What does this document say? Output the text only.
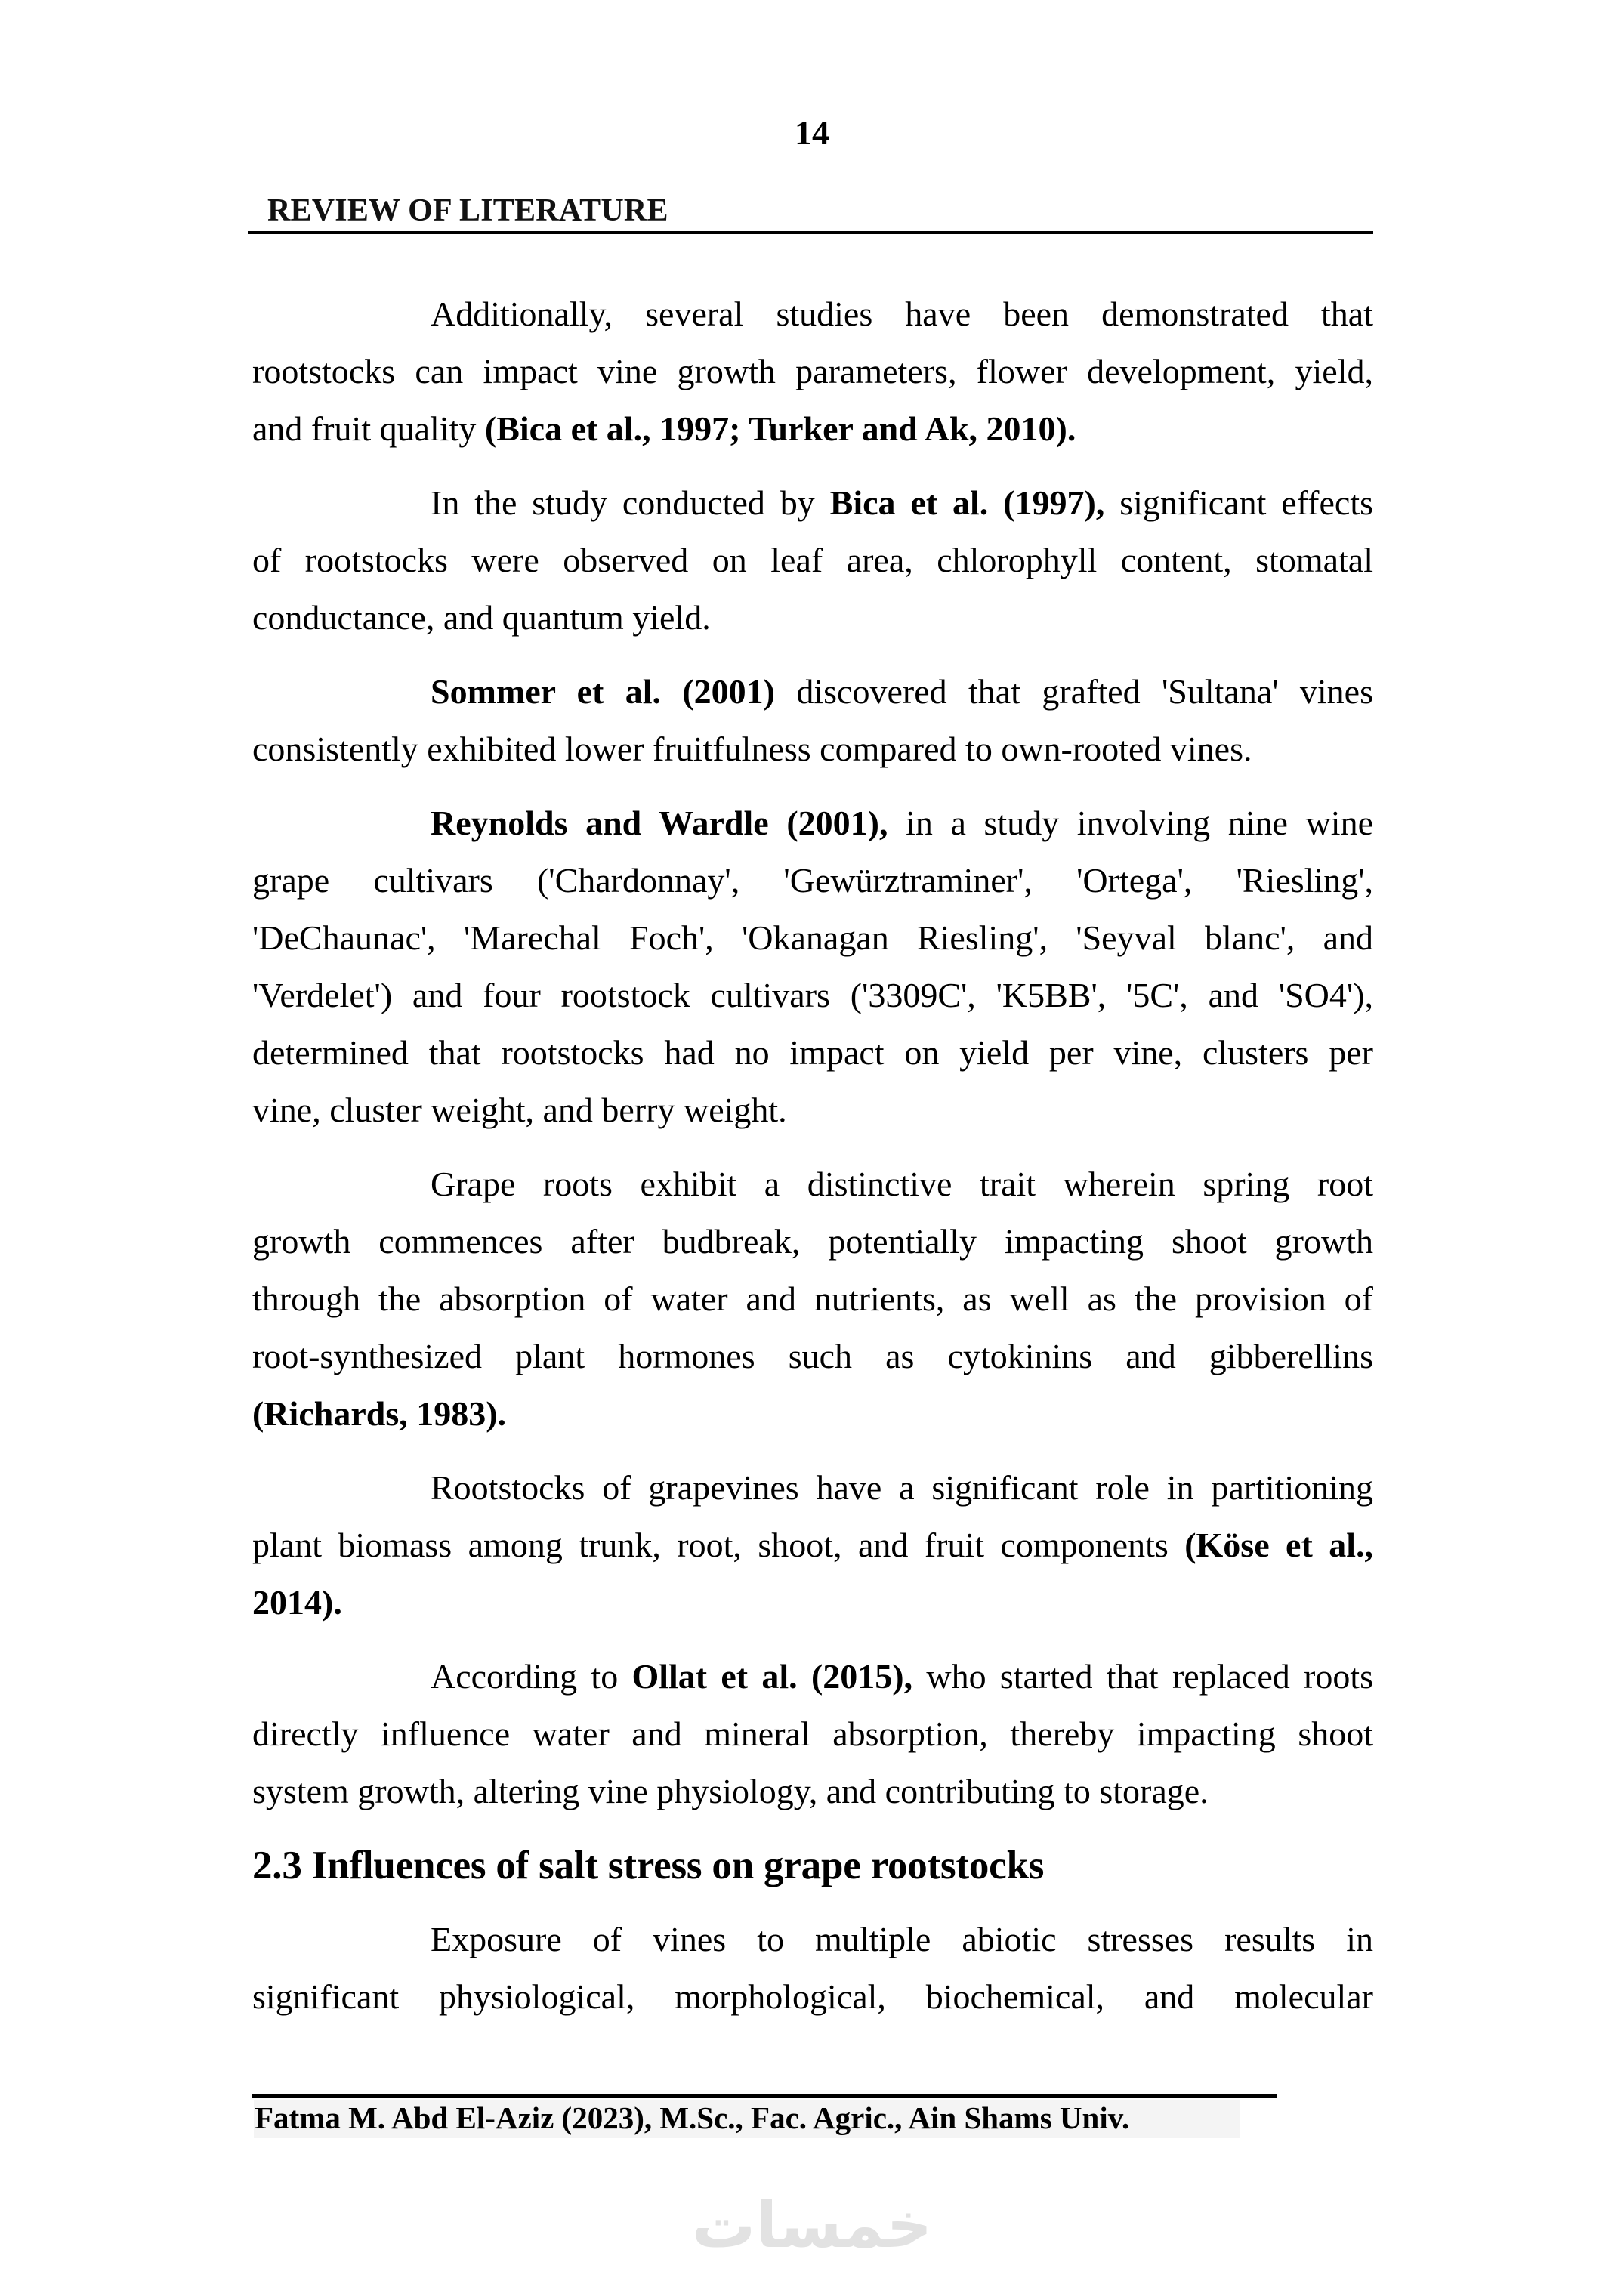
14
REVIEW OF LITERATURE
Additionally, several studies have been demonstrated that
rootstocks can impact vine growth parameters, flower development, yield,
and fruit quality (Bica et al., 1997; Turker and Ak, 2010).
In the study conducted by Bica et al. (1997), significant effects
of rootstocks were observed on leaf area, chlorophyll content, stomatal
conductance, and quantum yield.
Sommer et al. (2001) discovered that grafted 'Sultana' vines
consistently exhibited lower fruitfulness compared to own-rooted vines.
Reynolds and Wardle (2001), in a study involving nine wine
grape cultivars ('Chardonnay', 'Gewürztraminer', 'Ortega', 'Riesling',
'DeChaunac', 'Marechal Foch', 'Okanagan Riesling', 'Seyval blanc', and
'Verdelet') and four rootstock cultivars ('3309C', 'K5BB', '5C', and 'SO4'),
determined that rootstocks had no impact on yield per vine, clusters per
vine, cluster weight, and berry weight.
Grape roots exhibit a distinctive trait wherein spring root
growth commences after budbreak, potentially impacting shoot growth
through the absorption of water and nutrients, as well as the provision of
root-synthesized plant hormones such as cytokinins and gibberellins
(Richards, 1983).
Rootstocks of grapevines have a significant role in partitioning
plant biomass among trunk, root, shoot, and fruit components (Köse et al.,
2014).
According to Ollat et al. (2015), who started that replaced roots
directly influence water and mineral absorption, thereby impacting shoot
system growth, altering vine physiology, and contributing to storage.
2.3 Influences of salt stress on grape rootstocks
Exposure of vines to multiple abiotic stresses results in
significant physiological, morphological, biochemical, and molecular
Fatma M. Abd El-Aziz (2023), M.Sc., Fac. Agric., Ain Shams Univ.
خمسات
